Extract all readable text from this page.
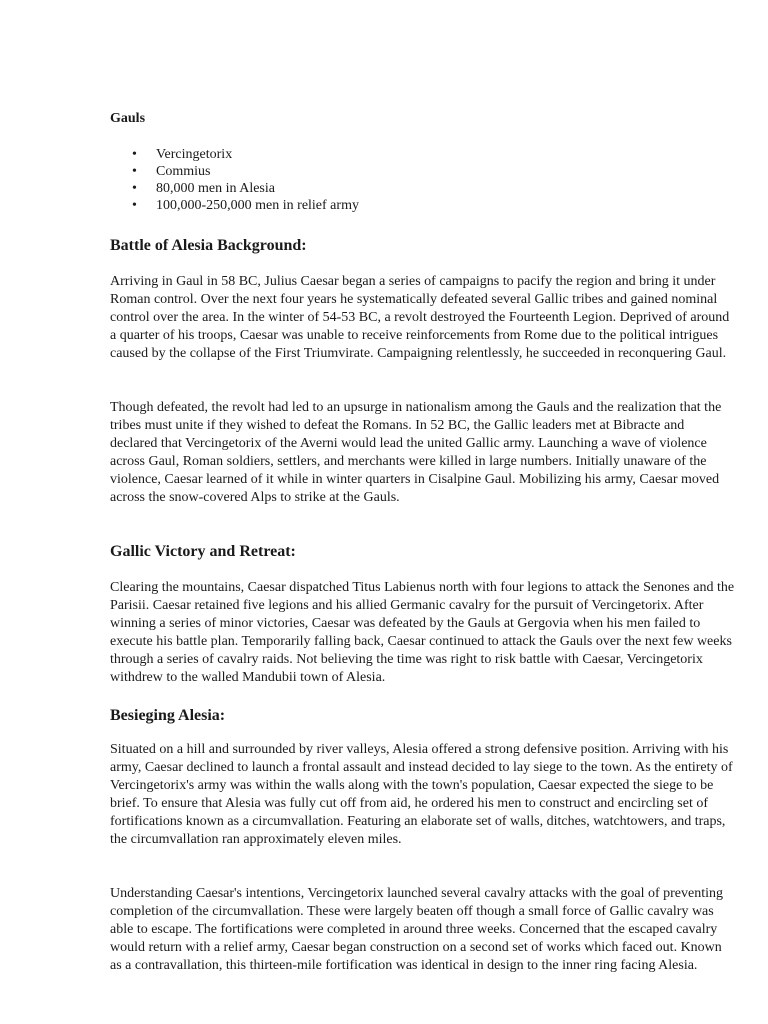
Gauls
• Vercingetorix
• Commius
• 80,000 men in Alesia
• 100,000-250,000 men in relief army
Battle of Alesia Background:

Arriving in Gaul in 58 BC, Julius Caesar began a series of campaigns to pacify the region and bring it under Roman control. Over the next four years he systematically defeated several Gallic tribes and gained nominal control over the area. In the winter of 54-53 BC, a revolt destroyed the Fourteenth Legion. Deprived of around a quarter of his troops, Caesar was unable to receive reinforcements from Rome due to the political intrigues caused by the collapse of the First Triumvirate. Campaigning relentlessly, he succeeded in reconquering Gaul.

Though defeated, the revolt had led to an upsurge in nationalism among the Gauls and the realization that the tribes must unite if they wished to defeat the Romans. In 52 BC, the Gallic leaders met at Bibracte and declared that Vercingetorix of the Averni would lead the united Gallic army. Launching a wave of violence across Gaul, Roman soldiers, settlers, and merchants were killed in large numbers. Initially unaware of the violence, Caesar learned of it while in winter quarters in Cisalpine Gaul. Mobilizing his army, Caesar moved across the snow-covered Alps to strike at the Gauls.

Gallic Victory and Retreat:

Clearing the mountains, Caesar dispatched Titus Labienus north with four legions to attack the Senones and the Parisii. Caesar retained five legions and his allied Germanic cavalry for the pursuit of Vercingetorix. After winning a series of minor victories, Caesar was defeated by the Gauls at Gergovia when his men failed to execute his battle plan. Temporarily falling back, Caesar continued to attack the Gauls over the next few weeks through a series of cavalry raids. Not believing the time was right to risk battle with Caesar, Vercingetorix withdrew to the walled Mandubii town of Alesia.

Besieging Alesia:

Situated on a hill and surrounded by river valleys, Alesia offered a strong defensive position. Arriving with his army, Caesar declined to launch a frontal assault and instead decided to lay siege to the town. As the entirety of Vercingetorix's army was within the walls along with the town's population, Caesar expected the siege to be brief. To ensure that Alesia was fully cut off from aid, he ordered his men to construct and encircling set of fortifications known as a circumvallation. Featuring an elaborate set of walls, ditches, watchtowers, and traps, the circumvallation ran approximately eleven miles.

Understanding Caesar's intentions, Vercingetorix launched several cavalry attacks with the goal of preventing completion of the circumvallation. These were largely beaten off though a small force of Gallic cavalry was able to escape. The fortifications were completed in around three weeks. Concerned that the escaped cavalry would return with a relief army, Caesar began construction on a second set of works which faced out. Known as a contravallation, this thirteen-mile fortification was identical in design to the inner ring facing Alesia.
